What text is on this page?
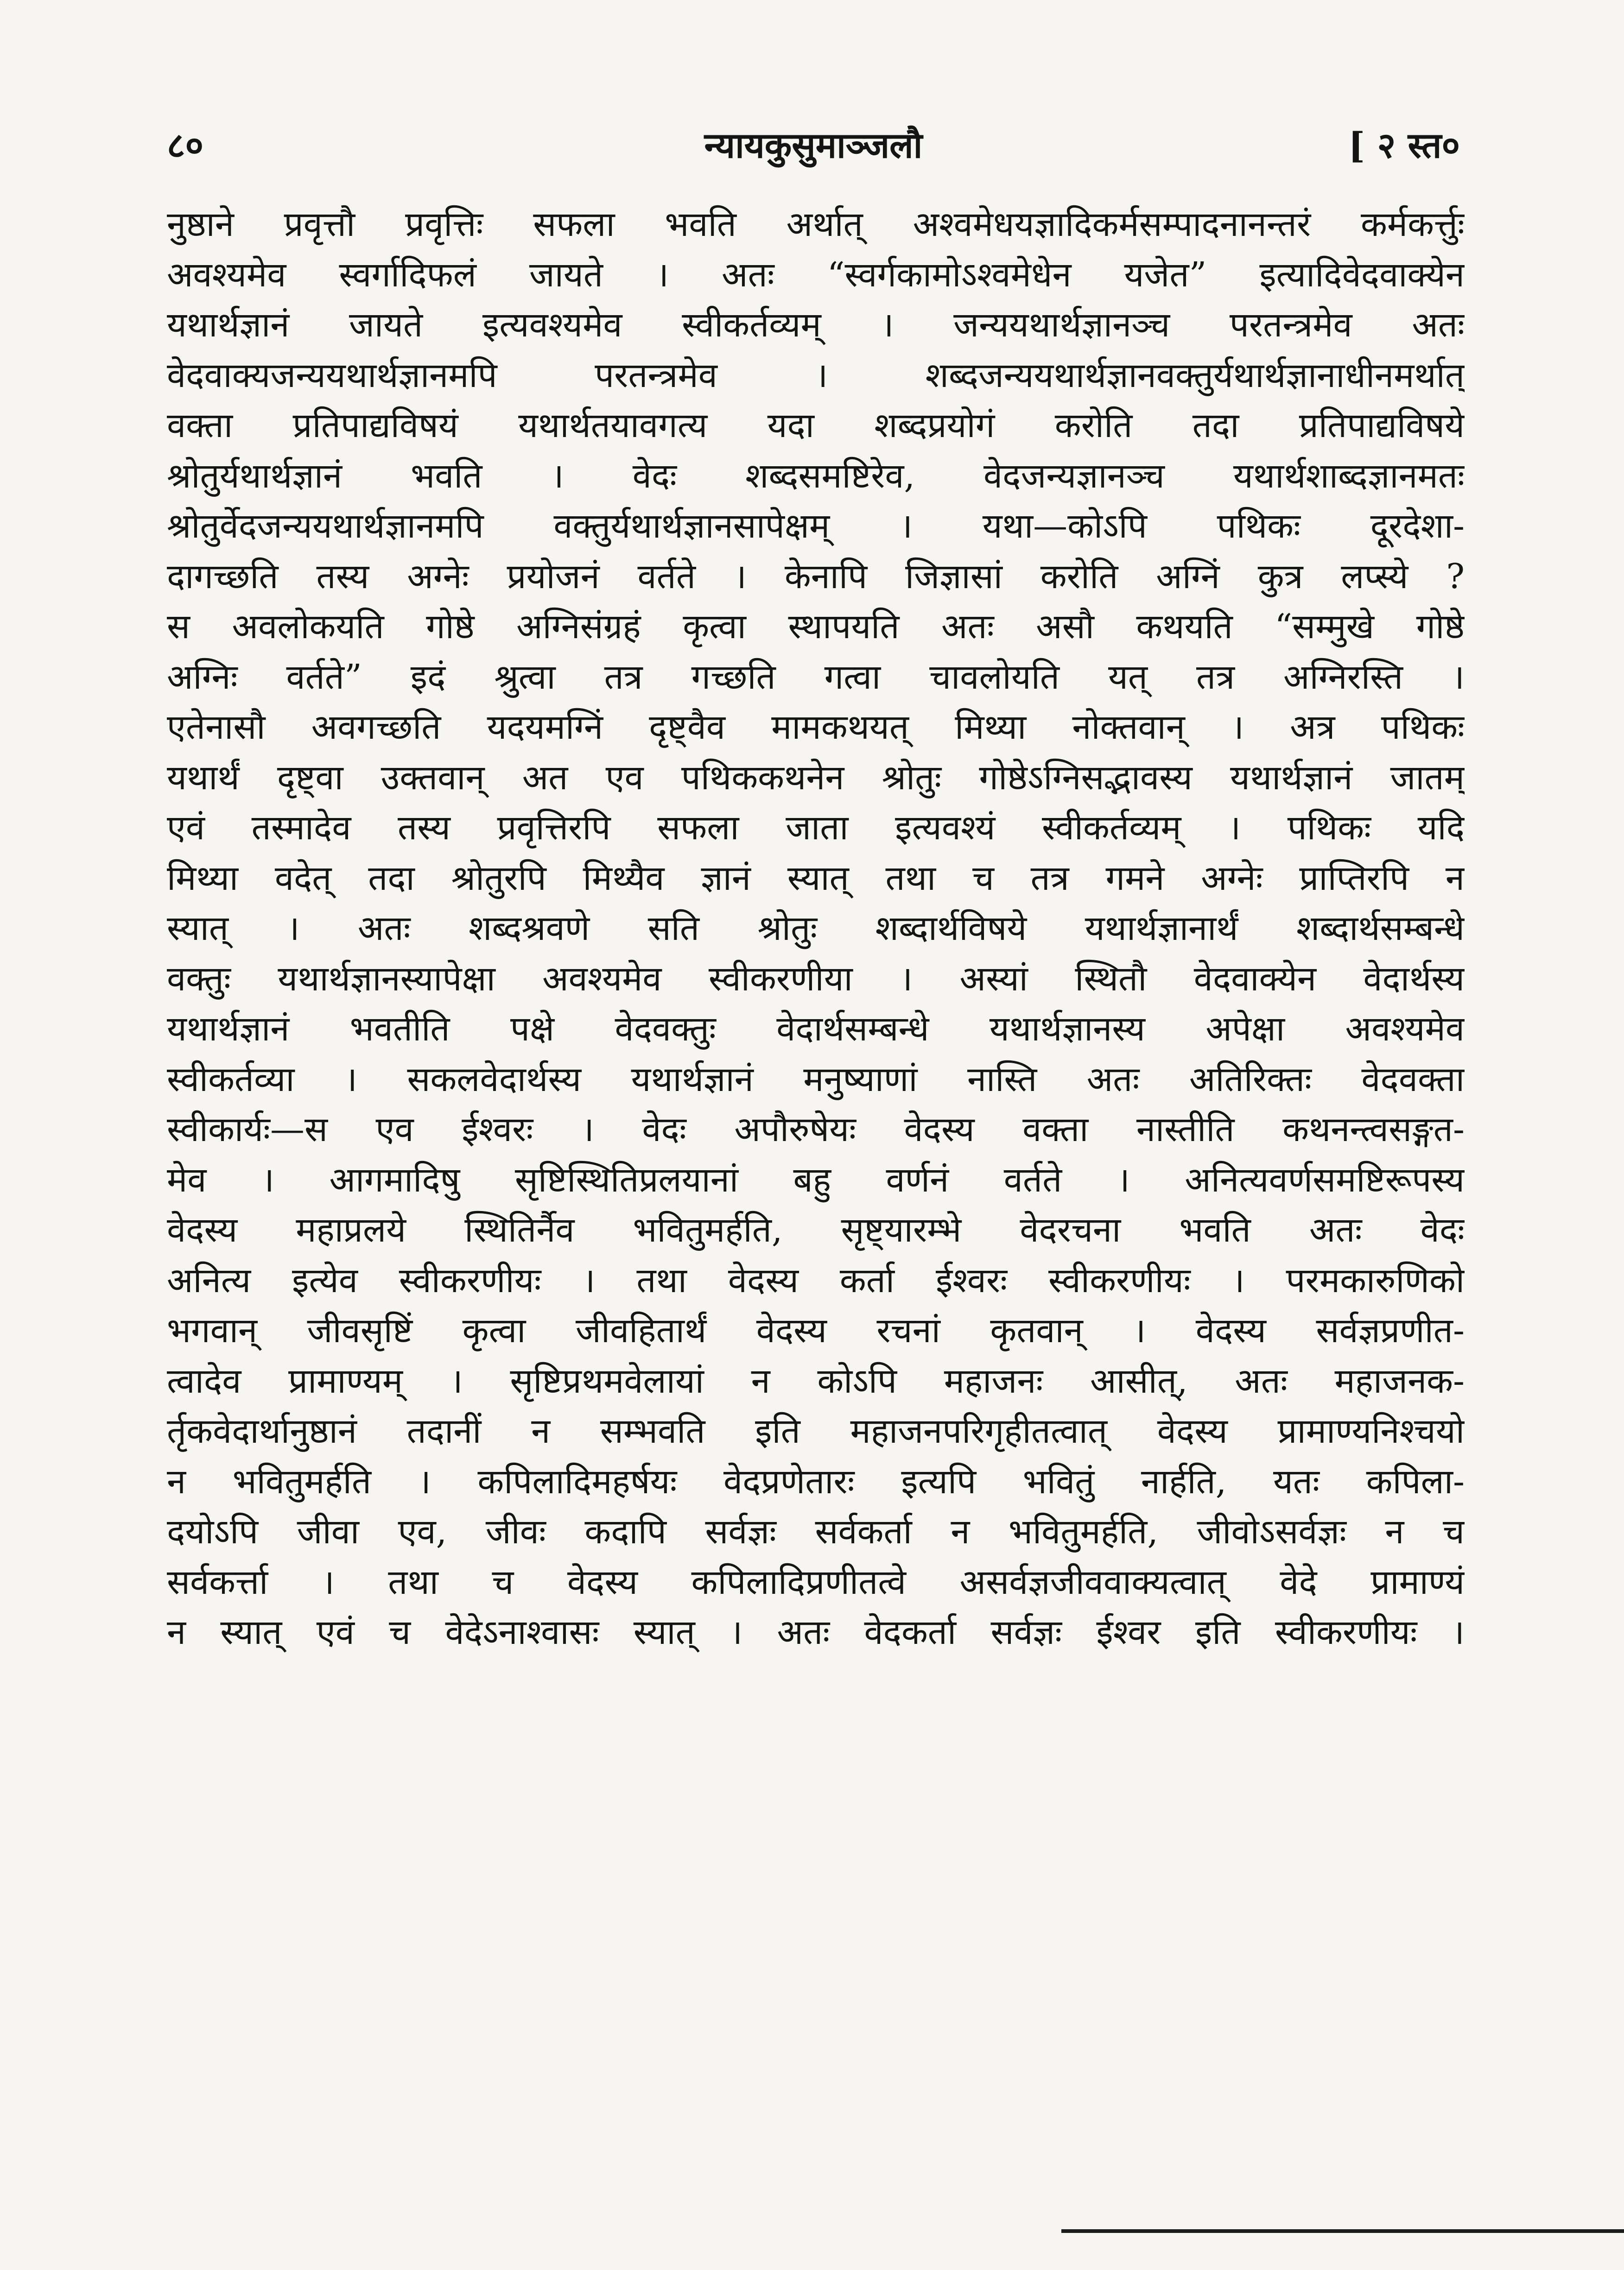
८०	न्यायकुसुमाञ्जलौ	[ २ स्त०
नुष्ठाने प्रवृत्तौ प्रवृत्तिः सफला भवति अर्थात् अश्वमेधयज्ञादिकर्मसम्पादनानन्तरं कर्मकर्त्तुः
अवश्यमेव स्वर्गादिफलं जायते । अतः “स्वर्गकामोऽश्वमेधेन यजेत” इत्यादिवेदवाक्येन
यथार्थज्ञानं जायते इत्यवश्यमेव स्वीकर्तव्यम् । जन्ययथार्थज्ञानञ्च परतन्त्रमेव अतः
वेदवाक्यजन्ययथार्थज्ञानमपि परतन्त्रमेव । शब्दजन्ययथार्थज्ञानवक्तुर्यथार्थज्ञानाधीनमर्थात्
वक्ता प्रतिपाद्यविषयं यथार्थतयावगत्य यदा शब्दप्रयोगं करोति तदा प्रतिपाद्यविषये
श्रोतुर्यथार्थज्ञानं भवति । वेदः शब्दसमष्टिरेव, वेदजन्यज्ञानञ्च यथार्थशाब्दज्ञानमतः
श्रोतुर्वेदजन्ययथार्थज्ञानमपि वक्तुर्यथार्थज्ञानसापेक्षम् । यथा—कोऽपि पथिकः दूरदेशा-
दागच्छति तस्य अग्नेः प्रयोजनं वर्तते । केनापि जिज्ञासां करोति अग्निं कुत्र लप्स्ये ?
स अवलोकयति गोष्ठे अग्निसंग्रहं कृत्वा स्थापयति अतः असौ कथयति “सम्मुखे गोष्ठे
अग्निः वर्तते” इदं श्रुत्वा तत्र गच्छति गत्वा चावलोयति यत् तत्र अग्निरस्ति ।
एतेनासौ अवगच्छति यदयमग्निं दृष्ट्वैव मामकथयत् मिथ्या नोक्तवान् । अत्र पथिकः
यथार्थं दृष्ट्वा उक्तवान् अत एव पथिककथनेन श्रोतुः गोष्ठेऽग्निसद्भावस्य यथार्थज्ञानं जातम्
एवं तस्मादेव तस्य प्रवृत्तिरपि सफला जाता इत्यवश्यं स्वीकर्तव्यम् । पथिकः यदि
मिथ्या वदेत् तदा श्रोतुरपि मिथ्यैव ज्ञानं स्यात् तथा च तत्र गमने अग्नेः प्राप्तिरपि न
स्यात् । अतः शब्दश्रवणे सति श्रोतुः शब्दार्थविषये यथार्थज्ञानार्थं शब्दार्थसम्बन्धे
वक्तुः यथार्थज्ञानस्यापेक्षा अवश्यमेव स्वीकरणीया । अस्यां स्थितौ वेदवाक्येन वेदार्थस्य
यथार्थज्ञानं भवतीति पक्षे वेदवक्तुः वेदार्थसम्बन्धे यथार्थज्ञानस्य अपेक्षा अवश्यमेव
स्वीकर्तव्या । सकलवेदार्थस्य यथार्थज्ञानं मनुष्याणां नास्ति अतः अतिरिक्तः वेदवक्ता
स्वीकार्यः—स एव ईश्वरः । वेदः अपौरुषेयः वेदस्य वक्ता नास्तीति कथनन्त्वसङ्गत-
मेव । आगमादिषु सृष्टिस्थितिप्रलयानां बहु वर्णनं वर्तते । अनित्यवर्णसमष्टिरूपस्य
वेदस्य महाप्रलये स्थितिर्नैव भवितुमर्हति, सृष्ट्यारम्भे वेदरचना भवति अतः वेदः
अनित्य इत्येव स्वीकरणीयः । तथा वेदस्य कर्ता ईश्वरः स्वीकरणीयः । परमकारुणिको
भगवान् जीवसृष्टिं कृत्वा जीवहितार्थं वेदस्य रचनां कृतवान् । वेदस्य सर्वज्ञप्रणीत-
त्वादेव प्रामाण्यम् । सृष्टिप्रथमवेलायां न कोऽपि महाजनः आसीत्, अतः महाजनक-
र्तृकवेदार्थानुष्ठानं तदानीं न सम्भवति इति महाजनपरिगृहीतत्वात् वेदस्य प्रामाण्यनिश्चयो
न भवितुमर्हति । कपिलादिमहर्षयः वेदप्रणेतारः इत्यपि भवितुं नार्हति, यतः कपिला-
दयोऽपि जीवा एव, जीवः कदापि सर्वज्ञः सर्वकर्ता न भवितुमर्हति, जीवोऽसर्वज्ञः न च
सर्वकर्त्ता । तथा च वेदस्य कपिलादिप्रणीतत्वे असर्वज्ञजीववाक्यत्वात् वेदे प्रामाण्यं
न स्यात् एवं च वेदेऽनाश्वासः स्यात् । अतः वेदकर्ता सर्वज्ञः ईश्वर इति स्वीकरणीयः ।
